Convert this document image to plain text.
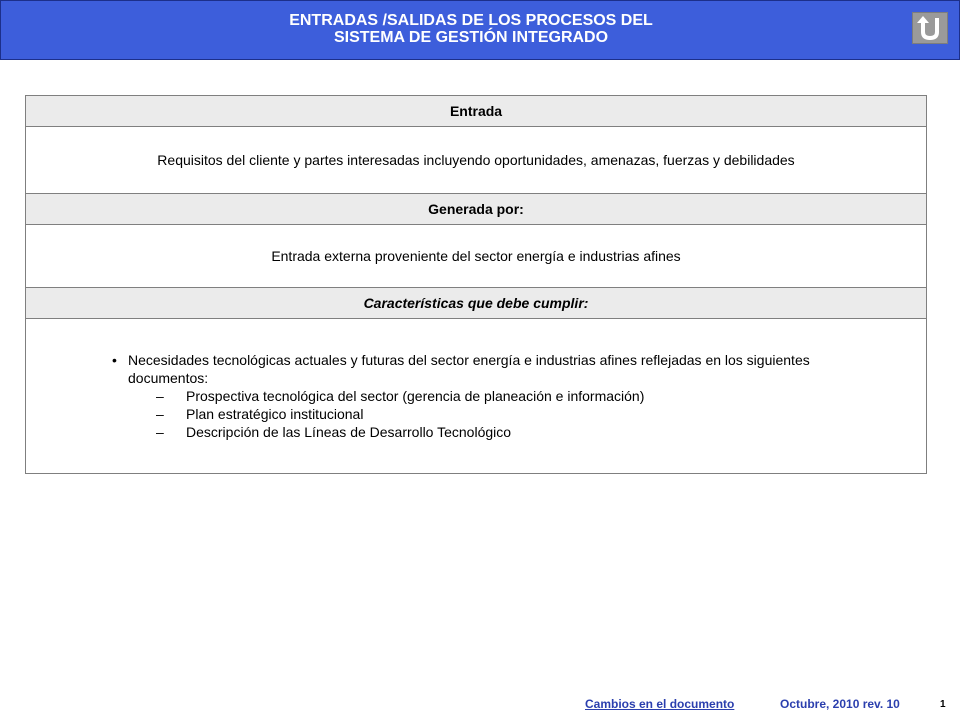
ENTRADAS /SALIDAS DE LOS PROCESOS DEL
SISTEMA DE GESTIÓN INTEGRADO
Entrada
Requisitos del cliente y partes interesadas incluyendo oportunidades, amenazas, fuerzas y debilidades
Generada por:
Entrada externa proveniente del sector energía e industrias afines
Características que debe cumplir:
• Necesidades tecnológicas actuales y futuras del sector energía e industrias afines reflejadas en los siguientes
documentos:
– Prospectiva tecnológica del sector (gerencia de planeación e información)
– Plan estratégico institucional
– Descripción de las Líneas de Desarrollo Tecnológico
Cambios en el documento	Octubre, 2010 rev. 10	1
